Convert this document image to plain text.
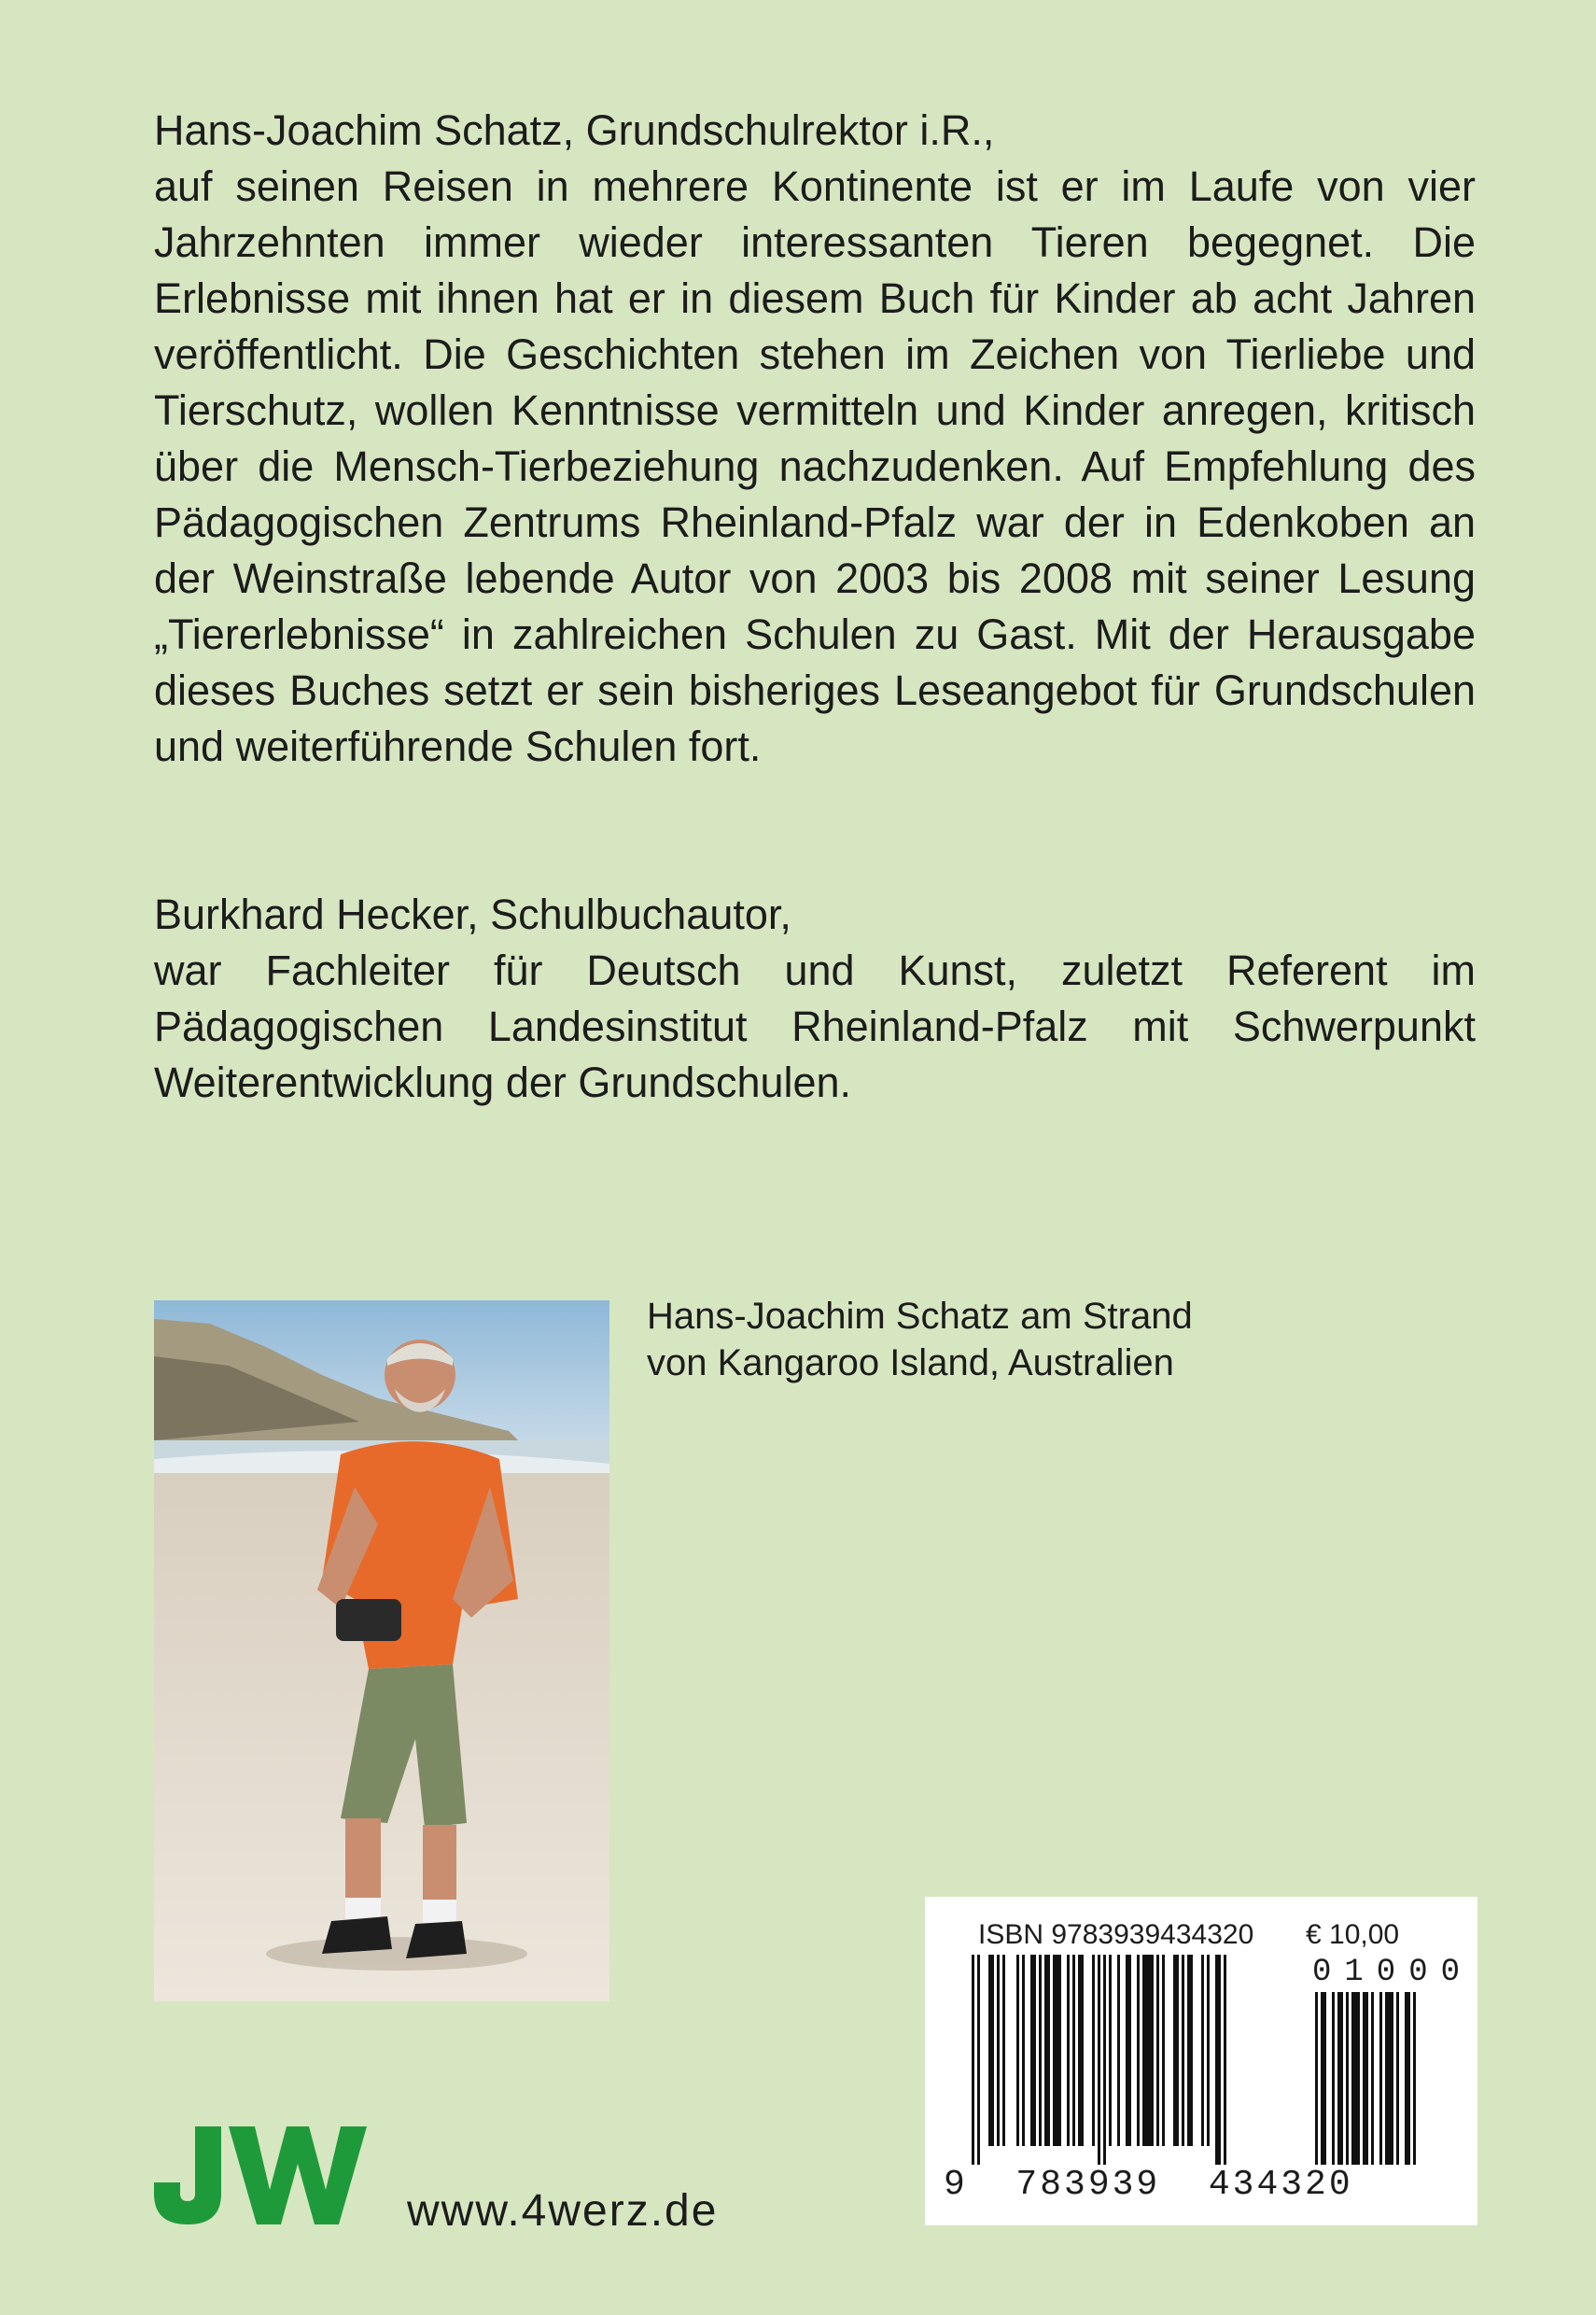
Hans-Joachim Schatz, Grundschulrektor i.R.,

auf seinen Reisen in mehrere Kontinente ist er im Laufe von vier Jahrzehnten immer wieder interessanten Tieren begegnet. Die Erlebnisse mit ihnen hat er in diesem Buch für Kinder ab acht Jahren veröffentlicht. Die Geschichten stehen im Zeichen von Tierliebe und Tierschutz, wollen Kenntnisse vermitteln und Kinder anregen, kritisch über die Mensch-Tierbeziehung nachzudenken. Auf Empfehlung des Pädagogischen Zentrums Rheinland-Pfalz war der in Edenkoben an der Weinstraße lebende Autor von 2003 bis 2008 mit seiner Lesung „Tiererlebnisse“ in zahlreichen Schulen zu Gast. Mit der Herausgabe dieses Buches setzt er sein bisheriges Leseangebot für Grundschulen und weiterführende Schulen fort.

Burkhard Hecker, Schulbuchautor,

war Fachleiter für Deutsch und Kunst, zuletzt Referent im Pädagogischen Landesinstitut Rheinland-Pfalz mit Schwerpunkt Weiterentwicklung der Grundschulen.

Hans-Joachim Schatz am Strand

von Kangaroo Island, Australien

www.4werz.de
ISBN 9783939434320 € 10,00
01000
9  783939  434320
